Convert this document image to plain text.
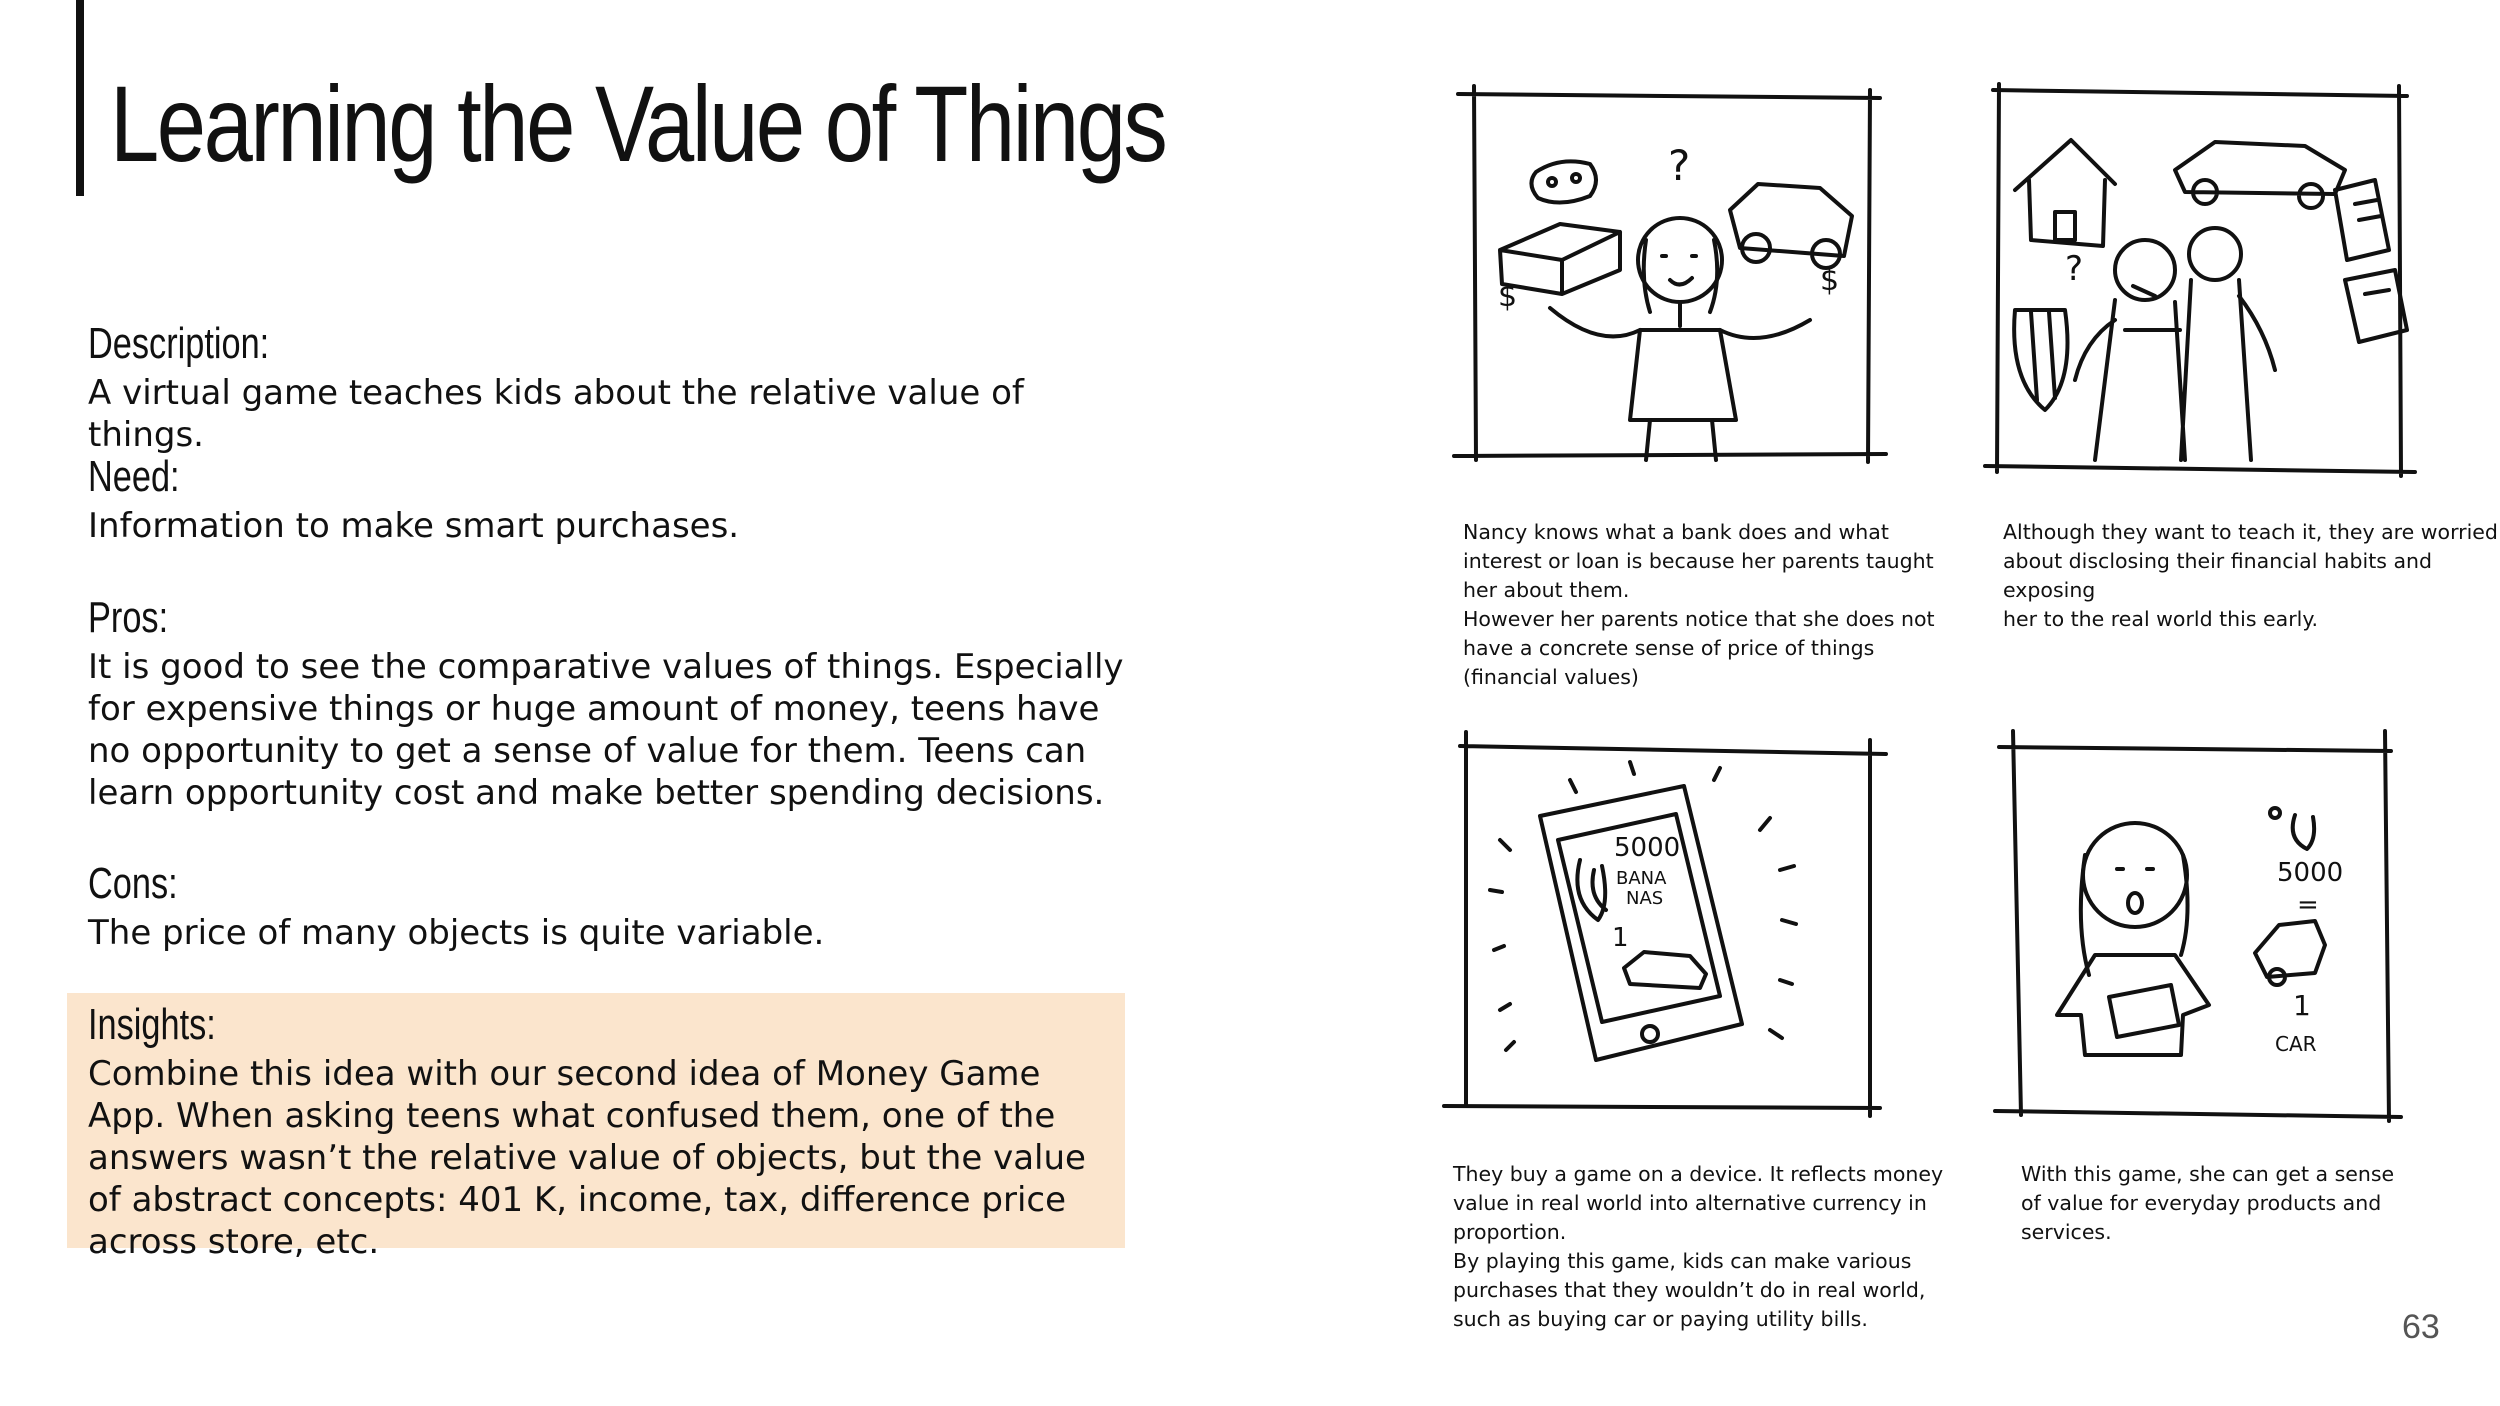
Learning the Value of Things
Description:

A virtual game teaches kids about the relative value of things.

Need:

Information to make smart purchases.

Pros:

It is good to see the comparative values of things. Especially for expensive things or huge amount of money, teens have no opportunity to get a sense of value for them. Teens can learn opportunity cost and make better spending decisions.

Cons:

The price of many objects is quite variable.

Insights:

Combine this idea with our second idea of Money Game App. When asking teens what confused them, one of the answers wasn’t the relative value of objects, but the value of abstract concepts: 401 K, income, tax, difference price across store, etc.

?
$	$

Nancy knows what a bank does and what
interest or loan is because her parents taught
her about them.
However her parents notice that she does not
have a concrete sense of price of things
(financial values)

?

Although they want to teach it, they are worried
about disclosing their financial habits and exposing
her to the real world this early.

5000
BANA
NAS
1

They buy a game on a device. It reflects money
value in real world into alternative currency in
proportion.
By playing this game, kids can make various
purchases that they wouldn’t do in real world,
such as buying car or paying utility bills.

5000
=
1
CAR

With this game, she can get a sense
of value for everyday products and
services.

63
